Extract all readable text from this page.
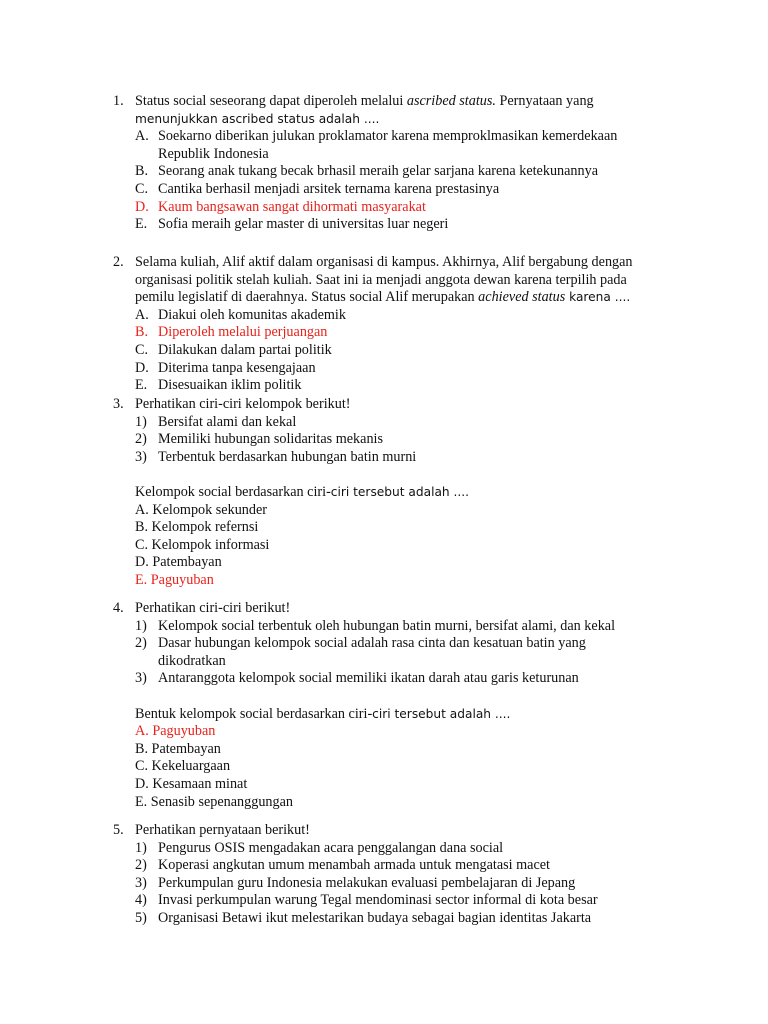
1. Status social seseorang dapat diperoleh melalui ascribed status. Pernyataan yang
menunjukkan ascribed status adalah ....
A. Soekarno diberikan julukan proklamator karena memproklmasikan kemerdekaan
Republik Indonesia
B. Seorang anak tukang becak brhasil meraih gelar sarjana karena ketekunannya
C. Cantika berhasil menjadi arsitek ternama karena prestasinya
D. Kaum bangsawan sangat dihormati masyarakat
E. Sofia meraih gelar master di universitas luar negeri
2. Selama kuliah, Alif aktif dalam organisasi di kampus. Akhirnya, Alif bergabung dengan
organisasi politik stelah kuliah. Saat ini ia menjadi anggota dewan karena terpilih pada
pemilu legislatif di daerahnya. Status social Alif merupakan achieved status karena ....
A. Diakui oleh komunitas akademik
B. Diperoleh melalui perjuangan
C. Dilakukan dalam partai politik
D. Diterima tanpa kesengajaan
E. Disesuaikan iklim politik
3. Perhatikan ciri-ciri kelompok berikut!
1) Bersifat alami dan kekal
2) Memiliki hubungan solidaritas mekanis
3) Terbentuk berdasarkan hubungan batin murni
Kelompok social berdasarkan ciri-ciri tersebut adalah ....
A. Kelompok sekunder
B. Kelompok refernsi
C. Kelompok informasi
D. Patembayan
E. Paguyuban
4. Perhatikan ciri-ciri berikut!
1) Kelompok social terbentuk oleh hubungan batin murni, bersifat alami, dan kekal
2) Dasar hubungan kelompok social adalah rasa cinta dan kesatuan batin yang
dikodratkan
3) Antaranggota kelompok social memiliki ikatan darah atau garis keturunan
Bentuk kelompok social berdasarkan ciri-ciri tersebut adalah ....
A. Paguyuban
B. Patembayan
C. Kekeluargaan
D. Kesamaan minat
E. Senasib sepenanggungan
5. Perhatikan pernyataan berikut!
1) Pengurus OSIS mengadakan acara penggalangan dana social
2) Koperasi angkutan umum menambah armada untuk mengatasi macet
3) Perkumpulan guru Indonesia melakukan evaluasi pembelajaran di Jepang
4) Invasi perkumpulan warung Tegal mendominasi sector informal di kota besar
5) Organisasi Betawi ikut melestarikan budaya sebagai bagian identitas Jakarta
